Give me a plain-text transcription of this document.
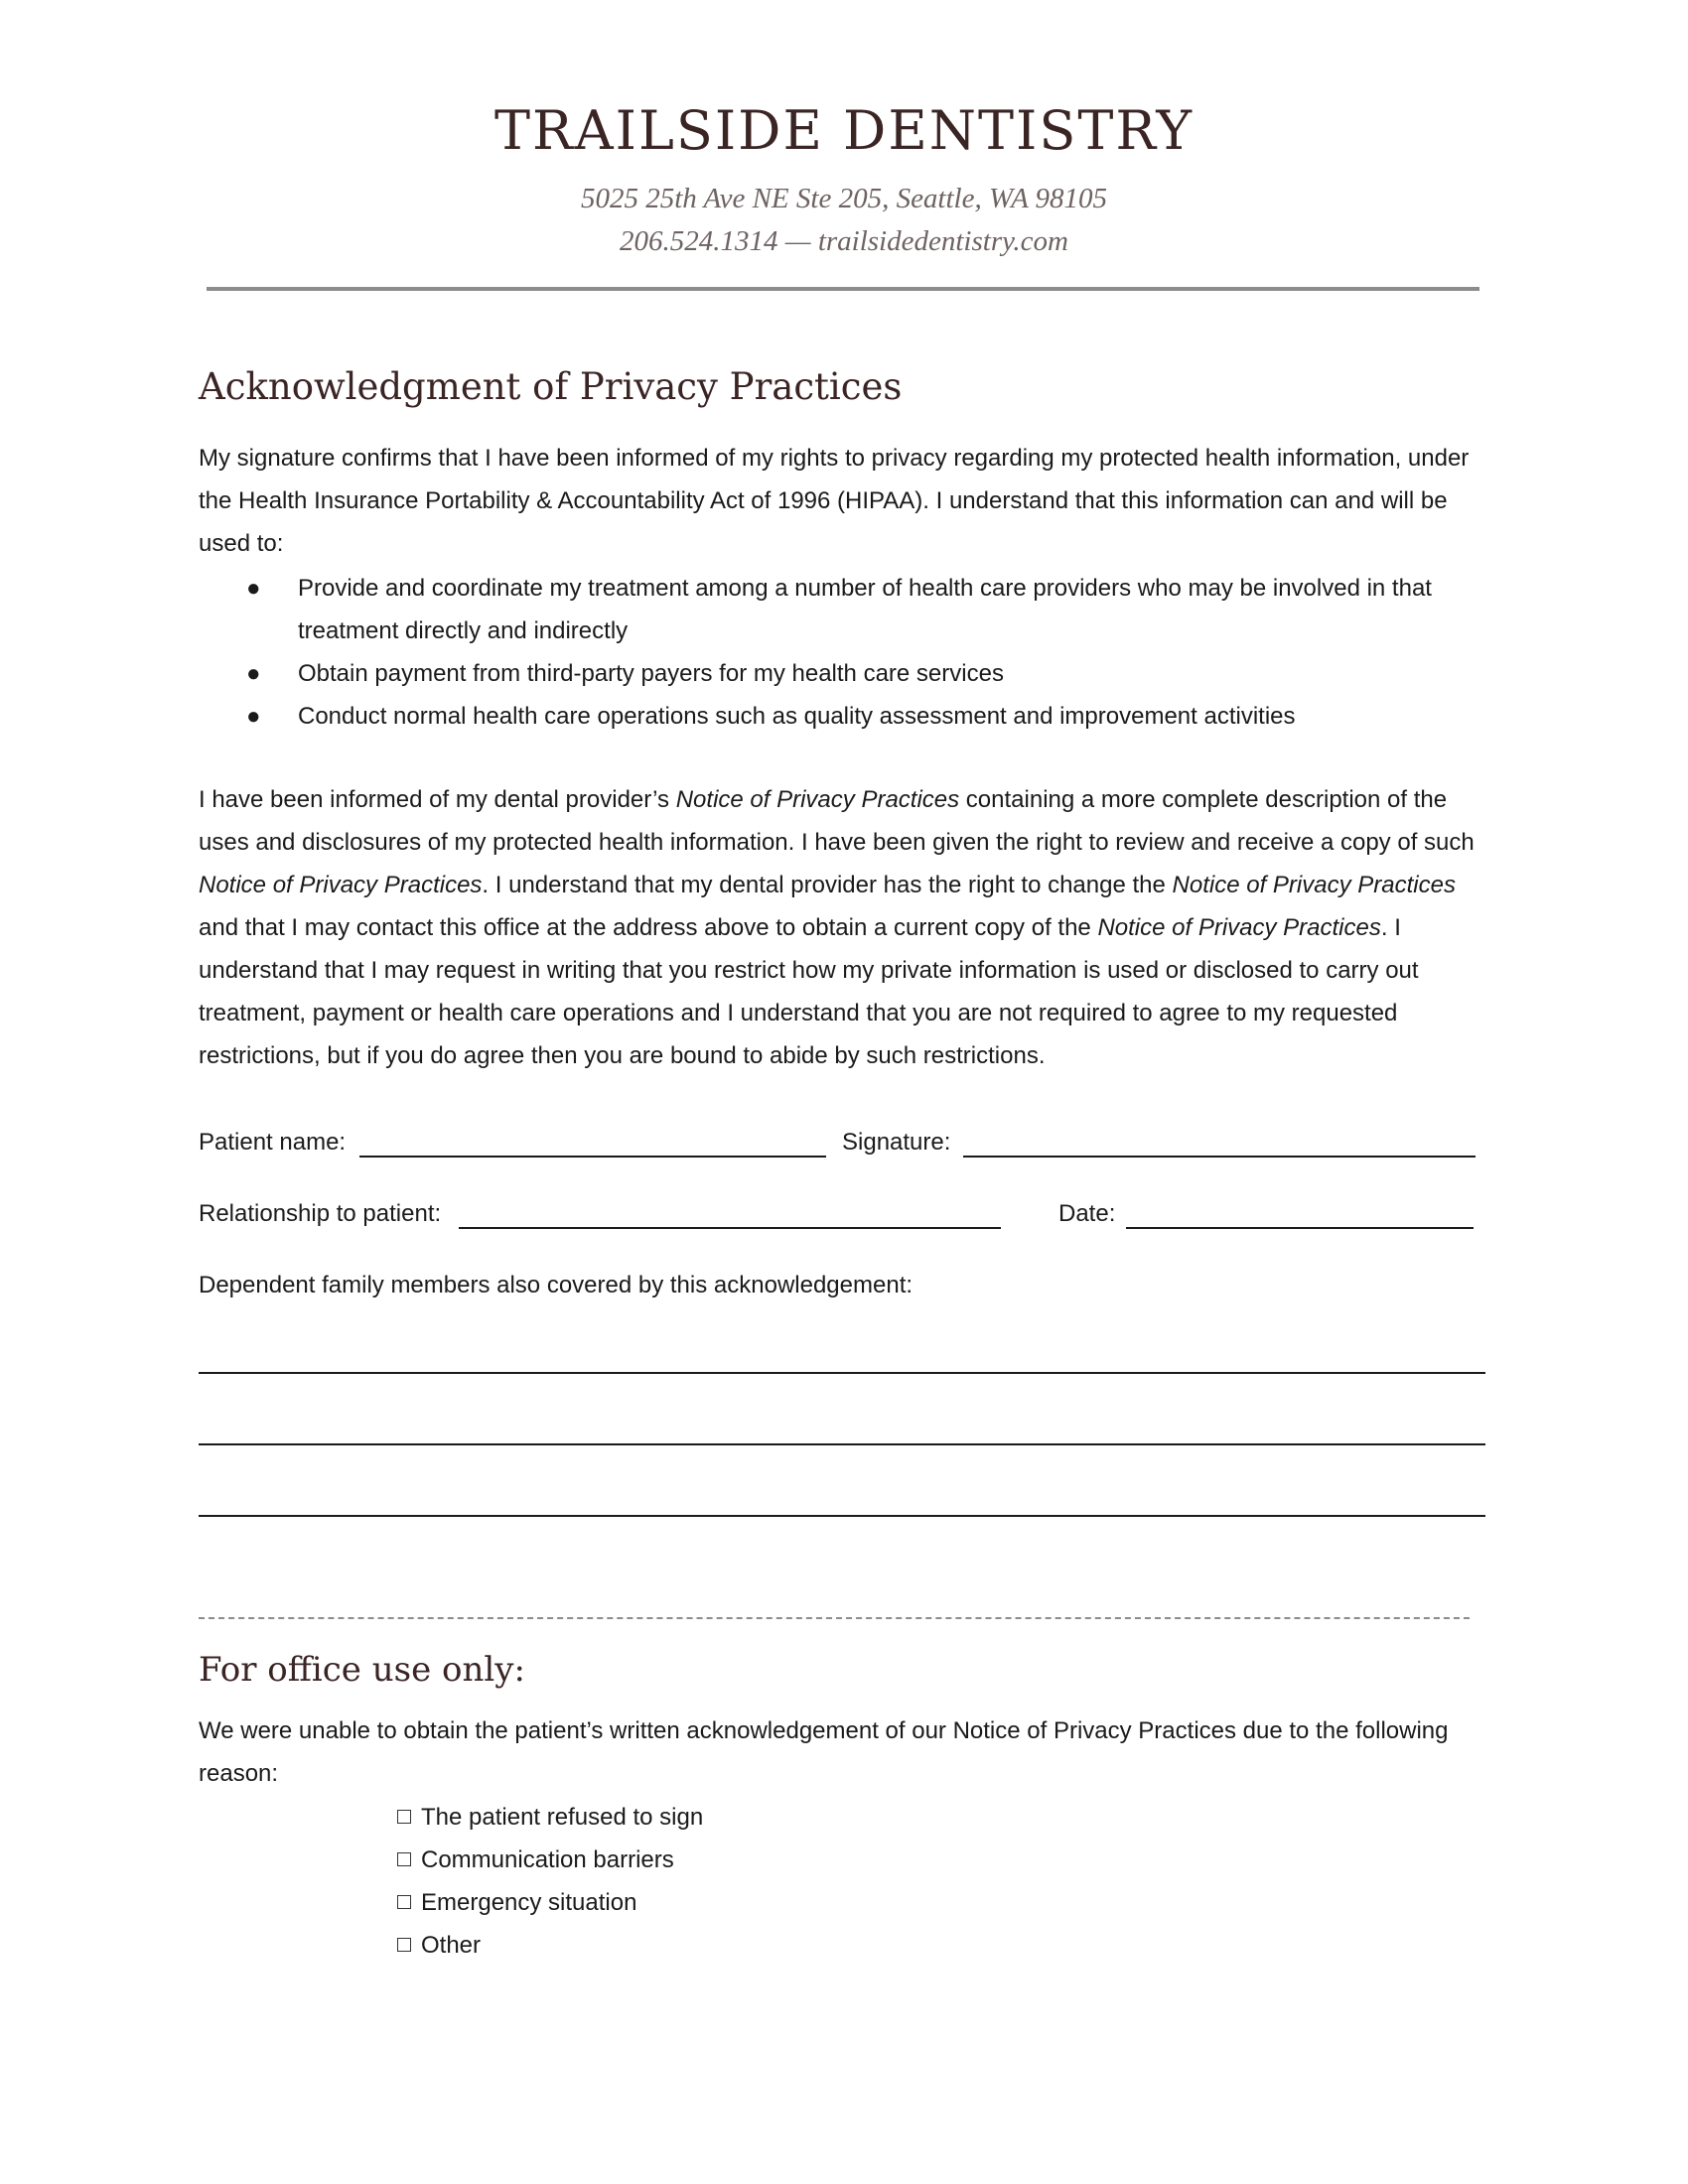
TRAILSIDE DENTISTRY
5025 25th Ave NE Ste 205, Seattle, WA 98105
206.524.1314 — trailsidedentistry.com
Acknowledgment of Privacy Practices
My signature confirms that I have been informed of my rights to privacy regarding my protected health information, under the Health Insurance Portability & Accountability Act of 1996 (HIPAA). I understand that this information can and will be used to:
● Provide and coordinate my treatment among a number of health care providers who may be involved in that treatment directly and indirectly
● Obtain payment from third-party payers for my health care services
● Conduct normal health care operations such as quality assessment and improvement activities
I have been informed of my dental provider’s Notice of Privacy Practices containing a more complete description of the uses and disclosures of my protected health information. I have been given the right to review and receive a copy of such Notice of Privacy Practices. I understand that my dental provider has the right to change the Notice of Privacy Practices and that I may contact this office at the address above to obtain a current copy of the Notice of Privacy Practices. I understand that I may request in writing that you restrict how my private information is used or disclosed to carry out treatment, payment or health care operations and I understand that you are not required to agree to my requested restrictions, but if you do agree then you are bound to abide by such restrictions.
Patient name:	Signature:
Relationship to patient:	Date:
Dependent family members also covered by this acknowledgement:
For office use only:
We were unable to obtain the patient’s written acknowledgement of our Notice of Privacy Practices due to the following reason:
The patient refused to sign
Communication barriers
Emergency situation
Other
